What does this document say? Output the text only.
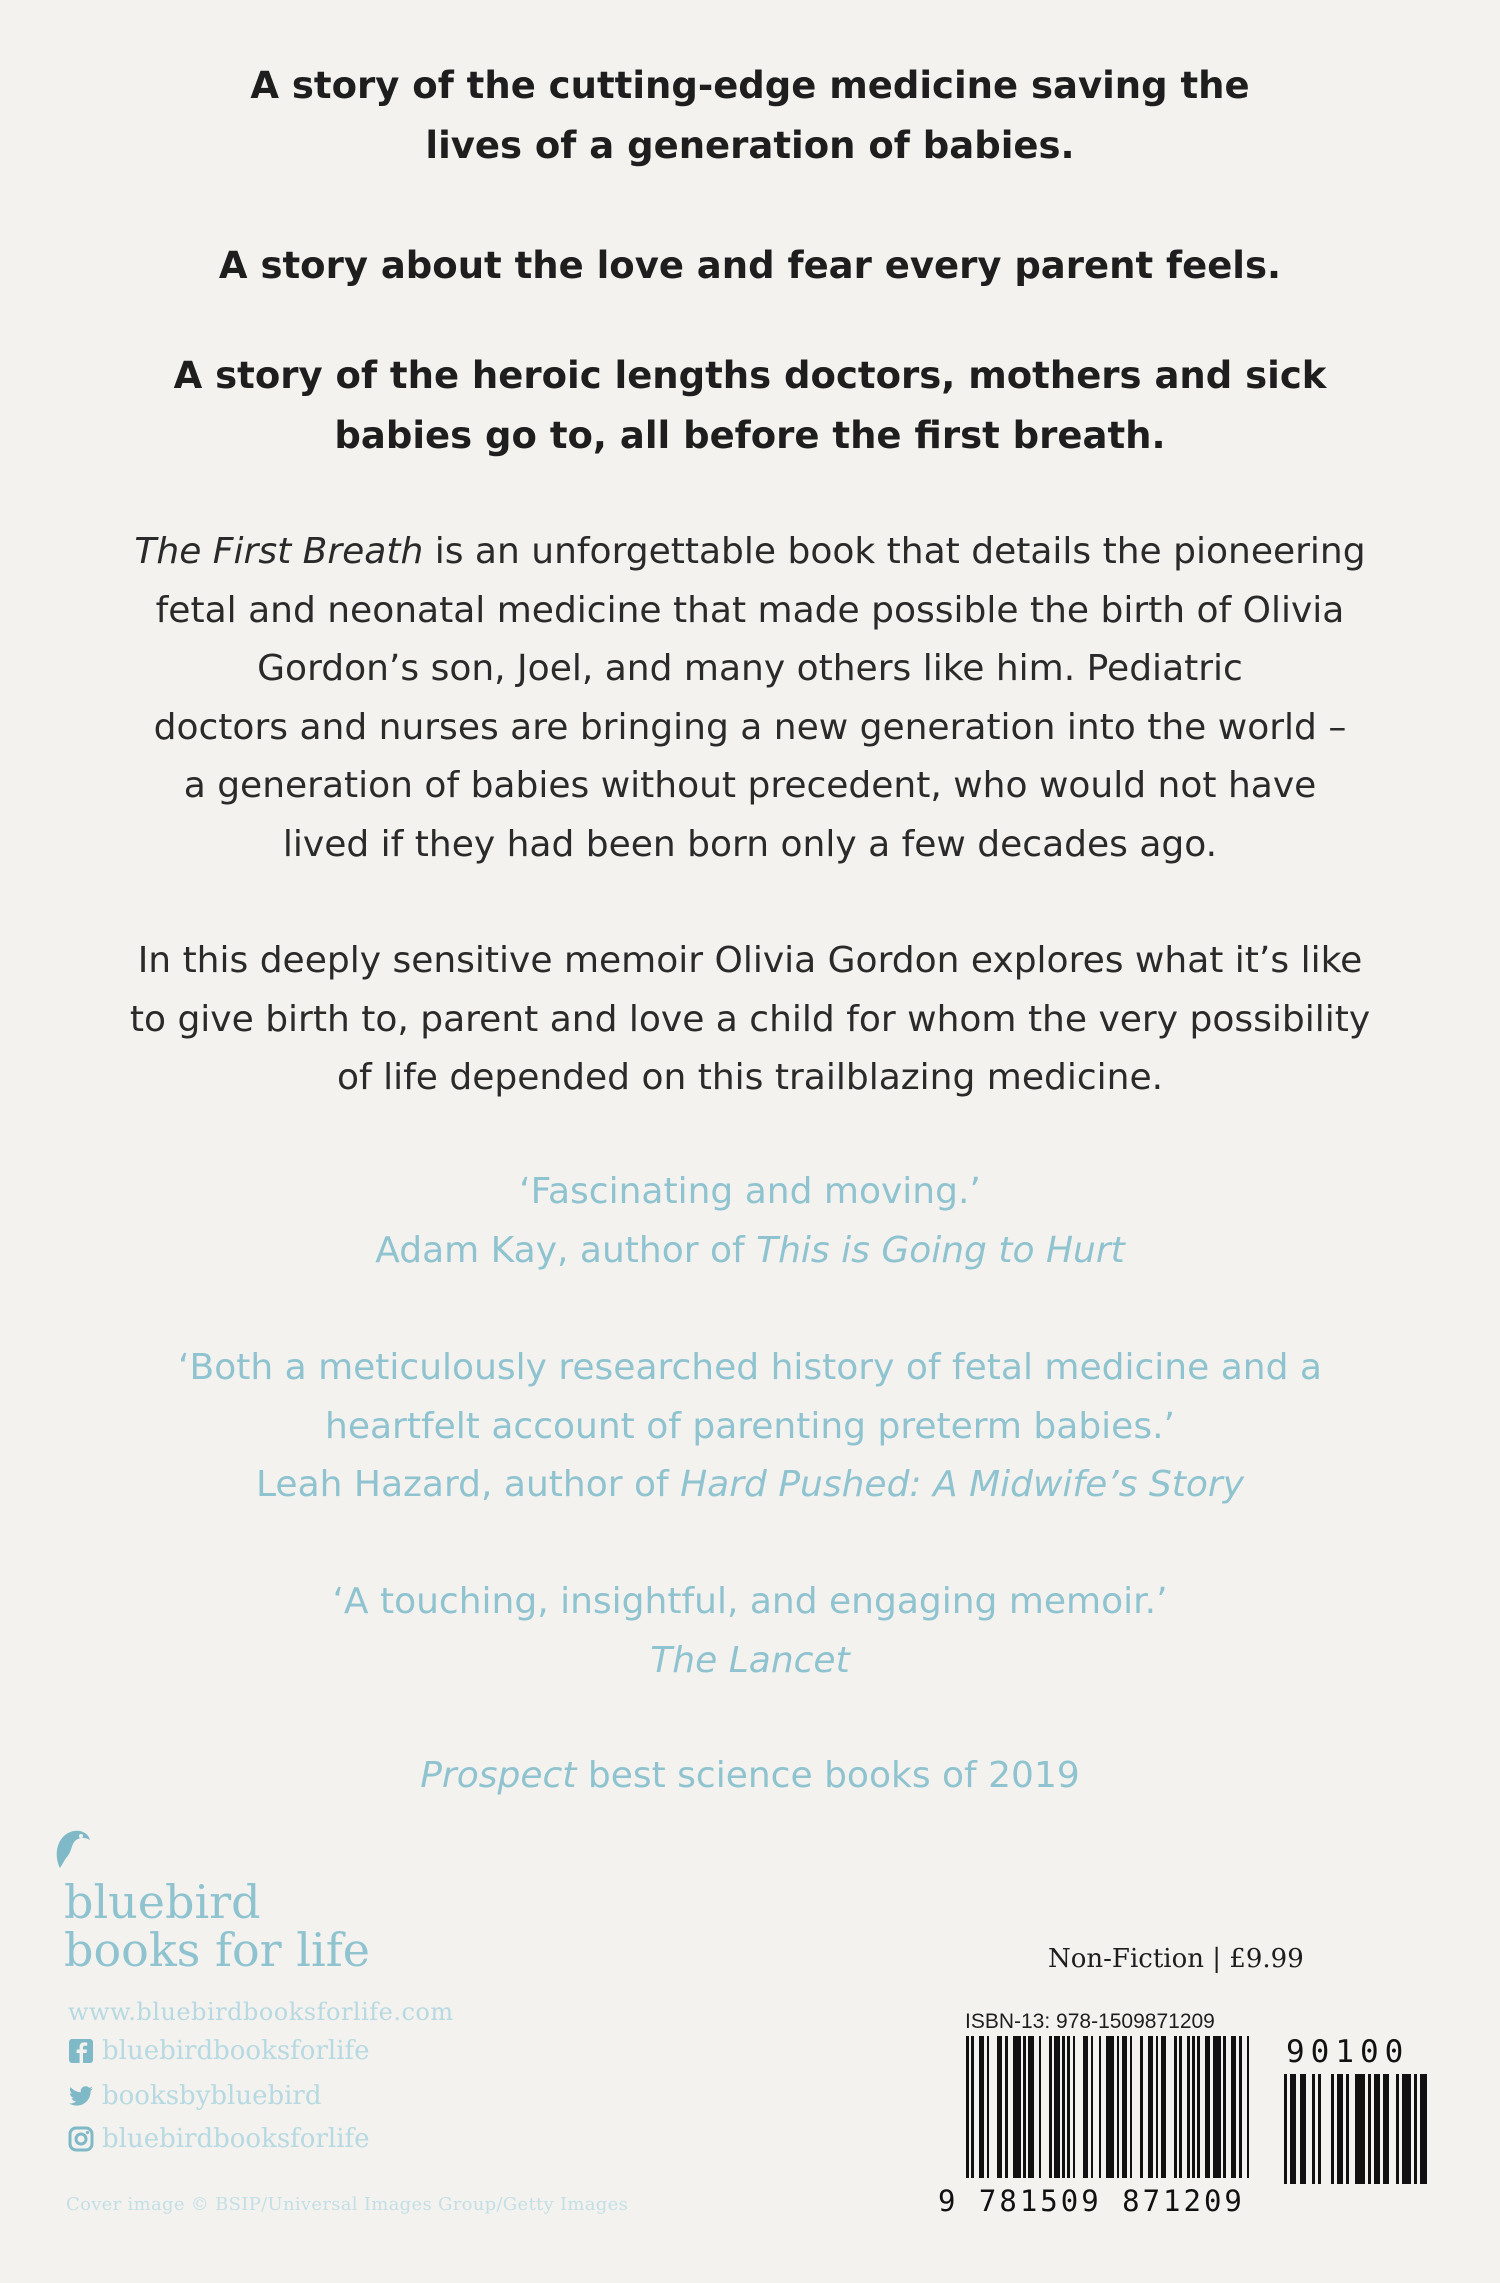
A story of the cutting-edge medicine saving the
lives of a generation of babies.
A story about the love and fear every parent feels.
A story of the heroic lengths doctors, mothers and sick
babies go to, all before the first breath.
The First Breath is an unforgettable book that details the pioneering
fetal and neonatal medicine that made possible the birth of Olivia
Gordon’s son, Joel, and many others like him. Pediatric
doctors and nurses are bringing a new generation into the world –
a generation of babies without precedent, who would not have
lived if they had been born only a few decades ago.
In this deeply sensitive memoir Olivia Gordon explores what it’s like
to give birth to, parent and love a child for whom the very possibility
of life depended on this trailblazing medicine.
‘Fascinating and moving.’
Adam Kay, author of This is Going to Hurt
‘Both a meticulously researched history of fetal medicine and a
heartfelt account of parenting preterm babies.’
Leah Hazard, author of Hard Pushed: A Midwife’s Story
‘A touching, insightful, and engaging memoir.’
The Lancet
Prospect best science books of 2019
bluebird
books for life
www.bluebirdbooksforlife.com
bluebirdbooksforlife
booksbybluebird
bluebirdbooksforlife
Cover image © BSIP/Universal Images Group/Getty Images
Non-Fiction | £9.99
ISBN-13: 978-1509871209
90100
9 781509 871209
